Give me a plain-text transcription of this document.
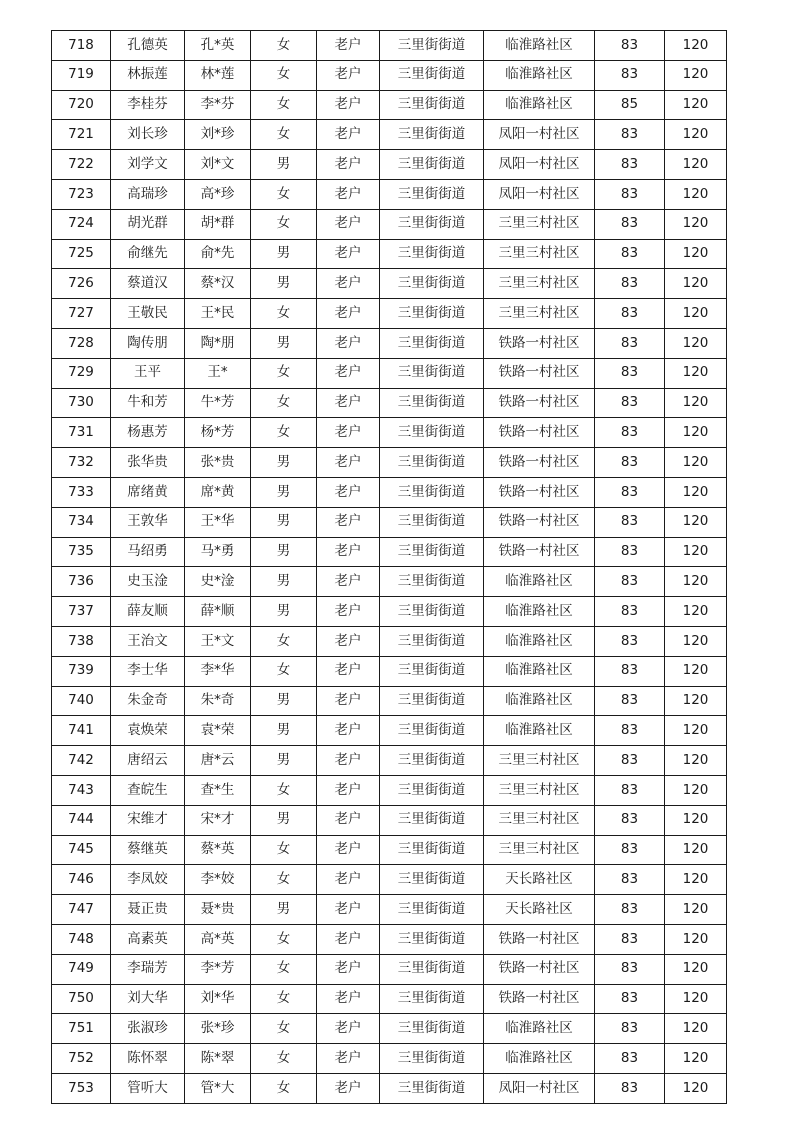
718	孔德英	孔*英	女	老户	三里街街道	临淮路社区	83	120
719	林振莲	林*莲	女	老户	三里街街道	临淮路社区	83	120
720	李桂芬	李*芬	女	老户	三里街街道	临淮路社区	85	120
721	刘长珍	刘*珍	女	老户	三里街街道	凤阳一村社区	83	120
722	刘学文	刘*文	男	老户	三里街街道	凤阳一村社区	83	120
723	高瑞珍	高*珍	女	老户	三里街街道	凤阳一村社区	83	120
724	胡光群	胡*群	女	老户	三里街街道	三里三村社区	83	120
725	俞继先	俞*先	男	老户	三里街街道	三里三村社区	83	120
726	蔡道汉	蔡*汉	男	老户	三里街街道	三里三村社区	83	120
727	王敬民	王*民	女	老户	三里街街道	三里三村社区	83	120
728	陶传朋	陶*朋	男	老户	三里街街道	铁路一村社区	83	120
729	王平	王*	女	老户	三里街街道	铁路一村社区	83	120
730	牛和芳	牛*芳	女	老户	三里街街道	铁路一村社区	83	120
731	杨惠芳	杨*芳	女	老户	三里街街道	铁路一村社区	83	120
732	张华贵	张*贵	男	老户	三里街街道	铁路一村社区	83	120
733	席绪黄	席*黄	男	老户	三里街街道	铁路一村社区	83	120
734	王敦华	王*华	男	老户	三里街街道	铁路一村社区	83	120
735	马绍勇	马*勇	男	老户	三里街街道	铁路一村社区	83	120
736	史玉淦	史*淦	男	老户	三里街街道	临淮路社区	83	120
737	薛友顺	薛*顺	男	老户	三里街街道	临淮路社区	83	120
738	王治文	王*文	女	老户	三里街街道	临淮路社区	83	120
739	李士华	李*华	女	老户	三里街街道	临淮路社区	83	120
740	朱金奇	朱*奇	男	老户	三里街街道	临淮路社区	83	120
741	袁焕荣	袁*荣	男	老户	三里街街道	临淮路社区	83	120
742	唐绍云	唐*云	男	老户	三里街街道	三里三村社区	83	120
743	查皖生	查*生	女	老户	三里街街道	三里三村社区	83	120
744	宋维才	宋*才	男	老户	三里街街道	三里三村社区	83	120
745	蔡继英	蔡*英	女	老户	三里街街道	三里三村社区	83	120
746	李凤姣	李*姣	女	老户	三里街街道	天长路社区	83	120
747	聂正贵	聂*贵	男	老户	三里街街道	天长路社区	83	120
748	高素英	高*英	女	老户	三里街街道	铁路一村社区	83	120
749	李瑞芳	李*芳	女	老户	三里街街道	铁路一村社区	83	120
750	刘大华	刘*华	女	老户	三里街街道	铁路一村社区	83	120
751	张淑珍	张*珍	女	老户	三里街街道	临淮路社区	83	120
752	陈怀翠	陈*翠	女	老户	三里街街道	临淮路社区	83	120
753	管听大	管*大	女	老户	三里街街道	凤阳一村社区	83	120
